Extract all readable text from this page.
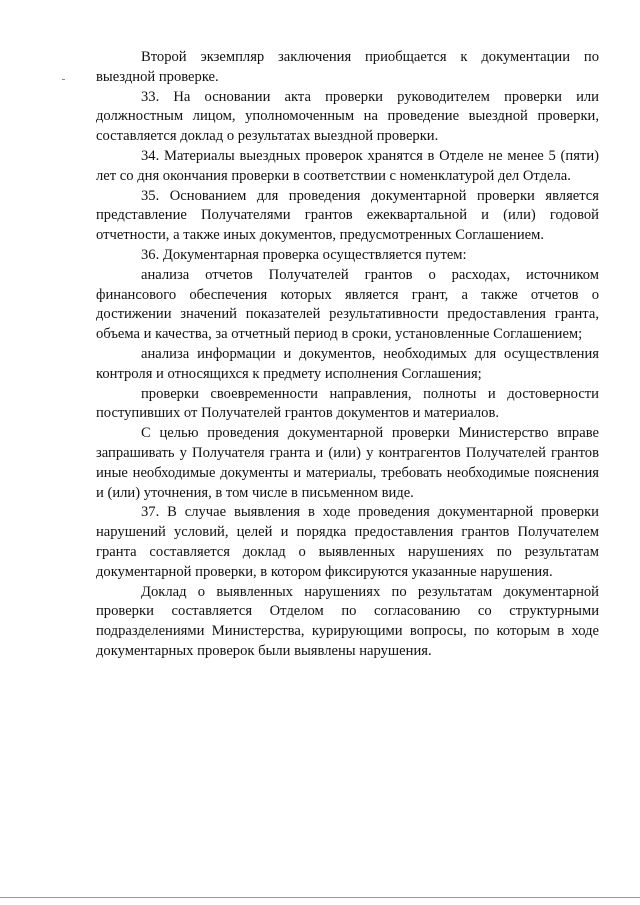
Второй экземпляр заключения приобщается к документации по выездной проверке.

33. На основании акта проверки руководителем проверки или должностным лицом, уполномоченным на проведение выездной проверки, составляется доклад о результатах выездной проверки.

34. Материалы выездных проверок хранятся в Отделе не менее 5 (пяти) лет со дня окончания проверки в соответствии с номенклатурой дел Отдела.

35. Основанием для проведения документарной проверки является представление Получателями грантов ежеквартальной и (или) годовой отчетности, а также иных документов, предусмотренных Соглашением.

36. Документарная проверка осуществляется путем:

анализа отчетов Получателей грантов о расходах, источником финансового обеспечения которых является грант, а также отчетов о достижении значений показателей результативности предоставления гранта, объема и качества, за отчетный период в сроки, установленные Соглашением;

анализа информации и документов, необходимых для осуществления контроля и относящихся к предмету исполнения Соглашения;

проверки своевременности направления, полноты и достоверности поступивших от Получателей грантов документов и материалов.

С целью проведения документарной проверки Министерство вправе запрашивать у Получателя гранта и (или) у контрагентов Получателей грантов иные необходимые документы и материалы, требовать необходимые пояснения и (или) уточнения, в том числе в письменном виде.

37. В случае выявления в ходе проведения документарной проверки нарушений условий, целей и порядка предоставления грантов Получателем гранта составляется доклад о выявленных нарушениях по результатам документарной проверки, в котором фиксируются указанные нарушения.

Доклад о выявленных нарушениях по результатам документарной проверки составляется Отделом по согласованию со структурными подразделениями Министерства, курирующими вопросы, по которым в ходе документарных проверок были выявлены нарушения.
